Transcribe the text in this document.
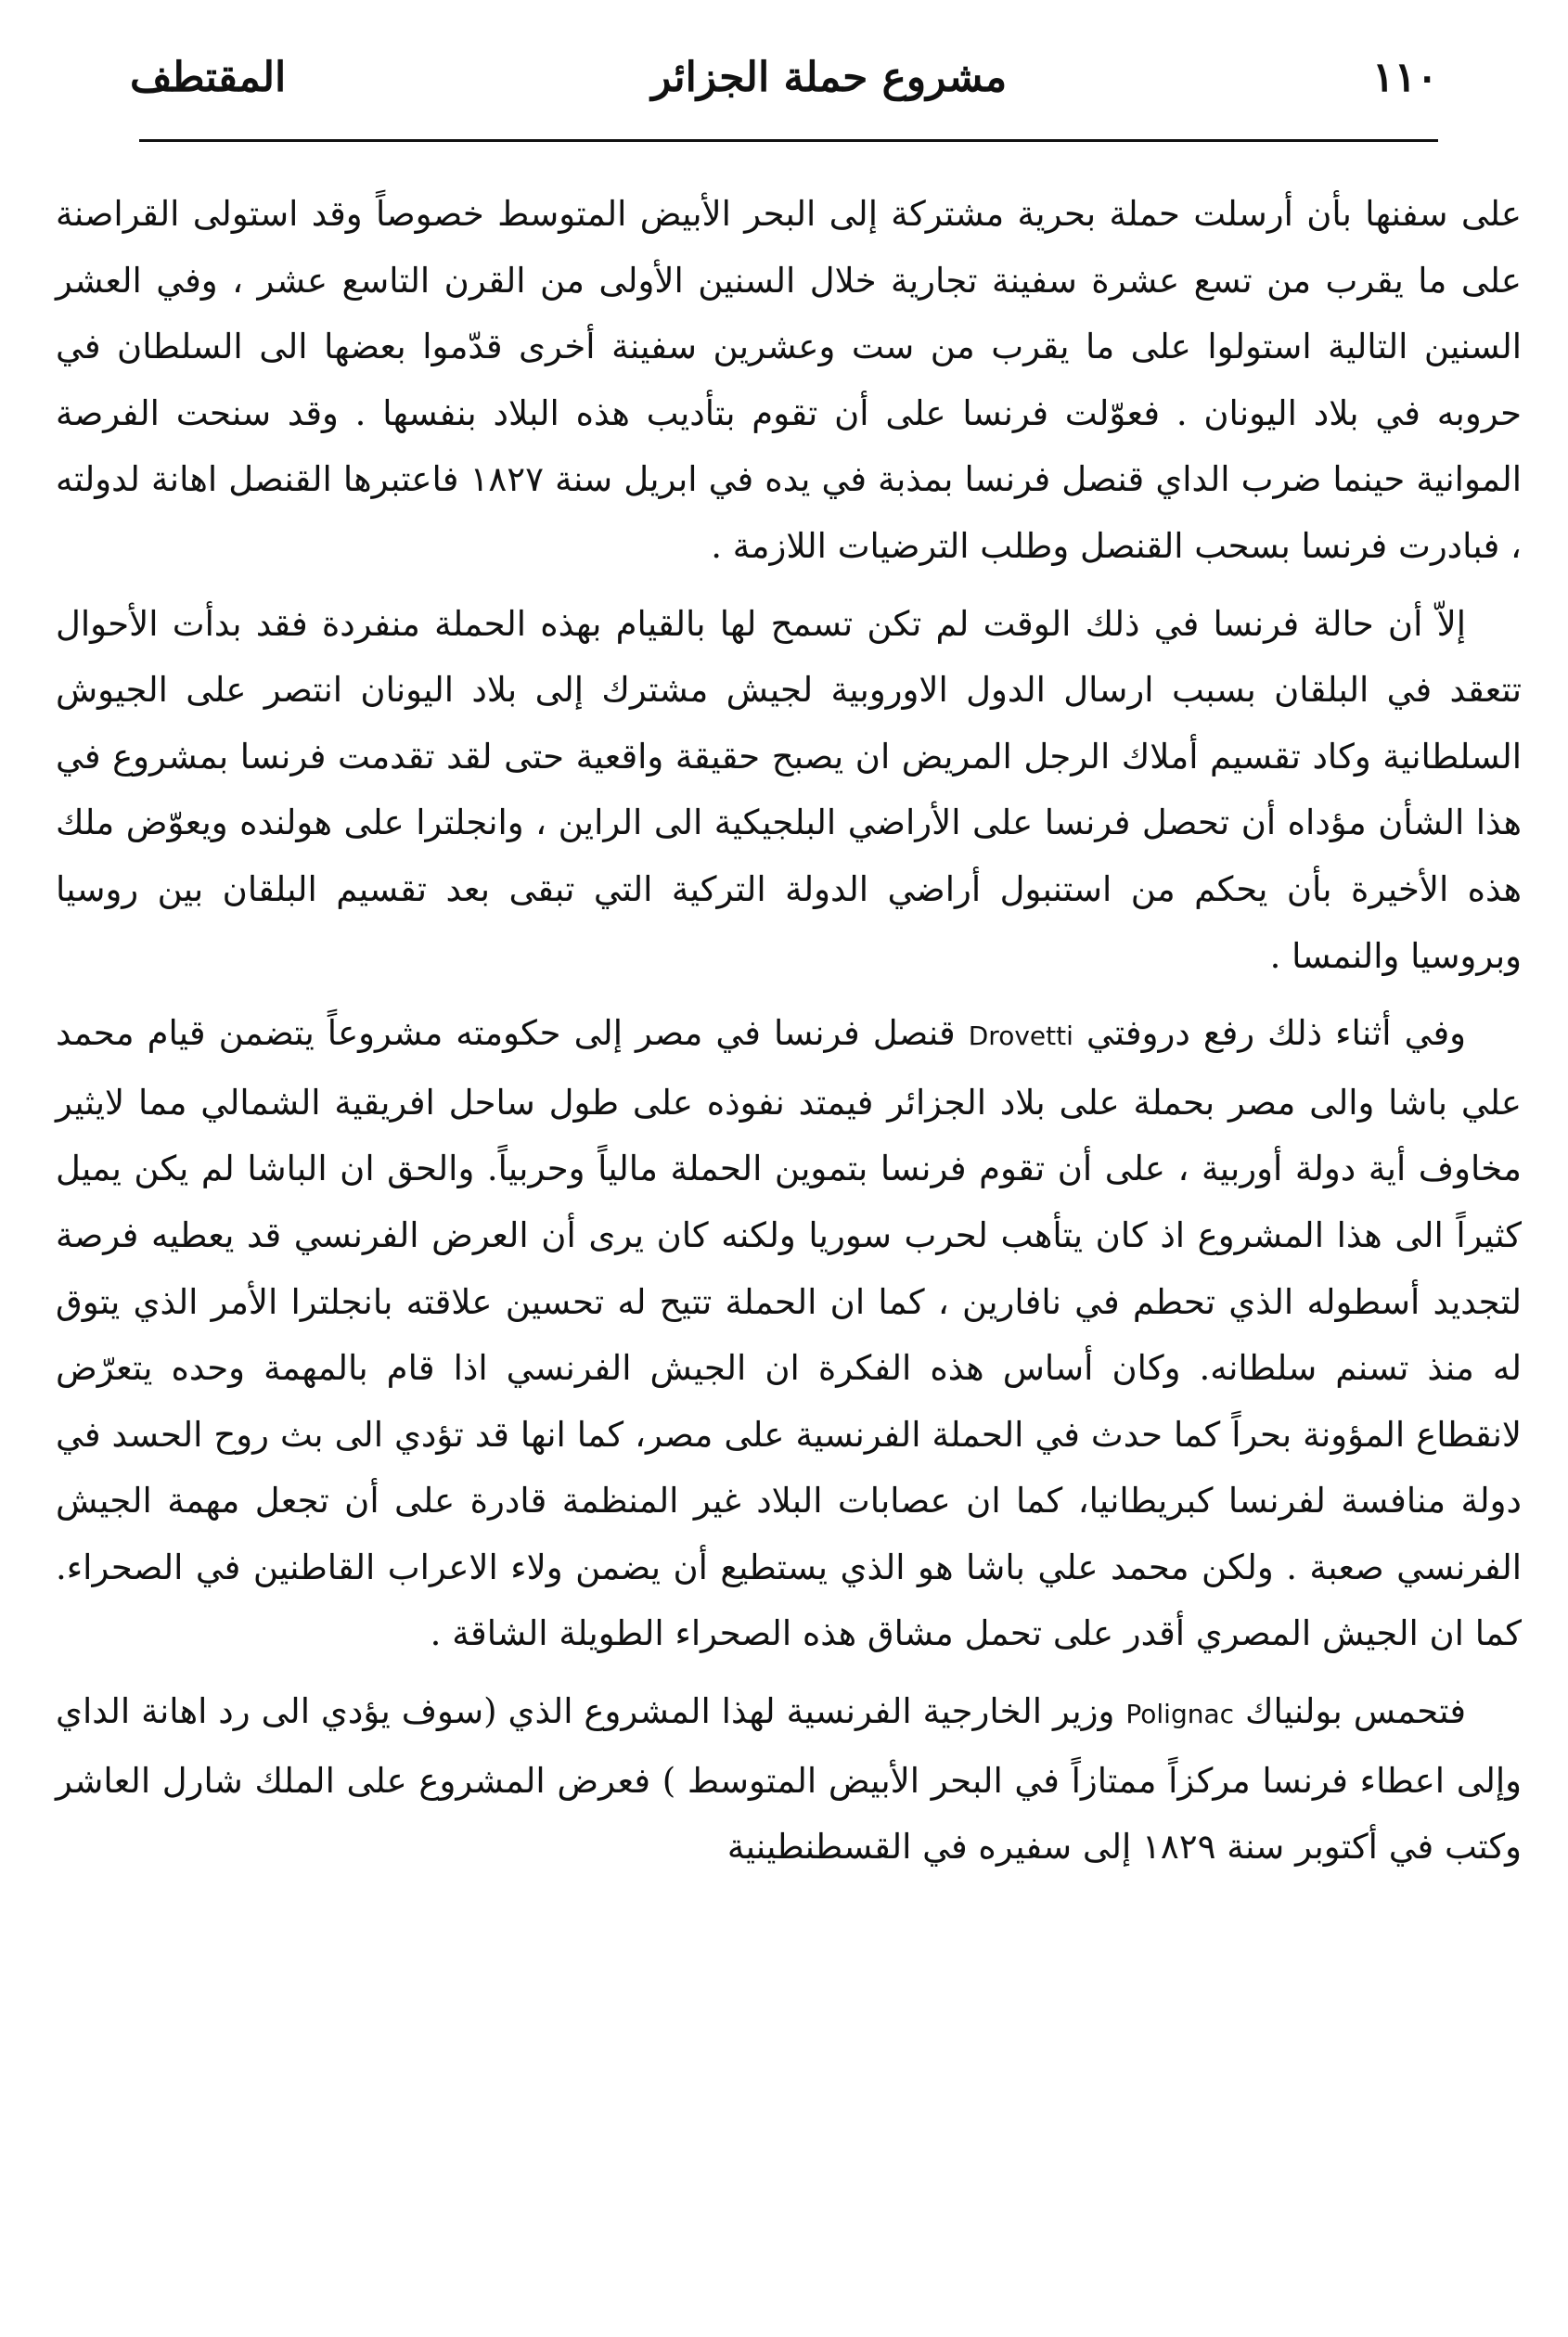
١١٠
مشروع حملة الجزائر
المقتطف

على سفنها بأن أرسلت حملة بحرية مشتركة إلى البحر الأبيض المتوسط خصوصاً وقد استولى القراصنة على ما يقرب من تسع عشرة سفينة تجارية خلال السنين الأولى من القرن التاسع عشر ، وفي العشر السنين التالية استولوا على ما يقرب من ست وعشرين سفينة أخرى قدّموا بعضها الى السلطان في حروبه في بلاد اليونان . فعوّلت فرنسا على أن تقوم بتأديب هذه البلاد بنفسها . وقد سنحت الفرصة الموانية حينما ضرب الداي قنصل فرنسا بمذبة في يده في ابريل سنة ١٨٢٧ فاعتبرها القنصل اهانة لدولته ، فبادرت فرنسا بسحب القنصل وطلب الترضيات اللازمة .

إلاّ أن حالة فرنسا في ذلك الوقت لم تكن تسمح لها بالقيام بهذه الحملة منفردة فقد بدأت الأحوال تتعقد في البلقان بسبب ارسال الدول الاوروبية لجيش مشترك إلى بلاد اليونان انتصر على الجيوش السلطانية وكاد تقسيم أملاك الرجل المريض ان يصبح حقيقة واقعية حتى لقد تقدمت فرنسا بمشروع في هذا الشأن مؤداه أن تحصل فرنسا على الأراضي البلجيكية الى الراين ، وانجلترا على هولنده ويعوّض ملك هذه الأخيرة بأن يحكم من استنبول أراضي الدولة التركية التي تبقى بعد تقسيم البلقان بين روسيا وبروسيا والنمسا .

وفي أثناء ذلك رفع دروفتي Drovetti قنصل فرنسا في مصر إلى حكومته مشروعاً يتضمن قيام محمد علي باشا والى مصر بحملة على بلاد الجزائر فيمتد نفوذه على طول ساحل افريقية الشمالي مما لايثير مخاوف أية دولة أوربية ، على أن تقوم فرنسا بتموين الحملة مالياً وحربياً. والحق ان الباشا لم يكن يميل كثيراً الى هذا المشروع اذ كان يتأهب لحرب سوريا ولكنه كان يرى أن العرض الفرنسي قد يعطيه فرصة لتجديد أسطوله الذي تحطم في نافارين ، كما ان الحملة تتيح له تحسين علاقته بانجلترا الأمر الذي يتوق له منذ تسنم سلطانه. وكان أساس هذه الفكرة ان الجيش الفرنسي اذا قام بالمهمة وحده يتعرّض لانقطاع المؤونة بحراً كما حدث في الحملة الفرنسية على مصر، كما انها قد تؤدي الى بث روح الحسد في دولة منافسة لفرنسا كبريطانيا، كما ان عصابات البلاد غير المنظمة قادرة على أن تجعل مهمة الجيش الفرنسي صعبة . ولكن محمد علي باشا هو الذي يستطيع أن يضمن ولاء الاعراب القاطنين في الصحراء. كما ان الجيش المصري أقدر على تحمل مشاق هذه الصحراء الطويلة الشاقة .

فتحمس بولنياك Polignac وزير الخارجية الفرنسية لهذا المشروع الذي (سوف يؤدي الى رد اهانة الداي وإلى اعطاء فرنسا مركزاً ممتازاً في البحر الأبيض المتوسط ) فعرض المشروع على الملك شارل العاشر وكتب في أكتوبر سنة ١٨٢٩ إلى سفيره في القسطنطينية
